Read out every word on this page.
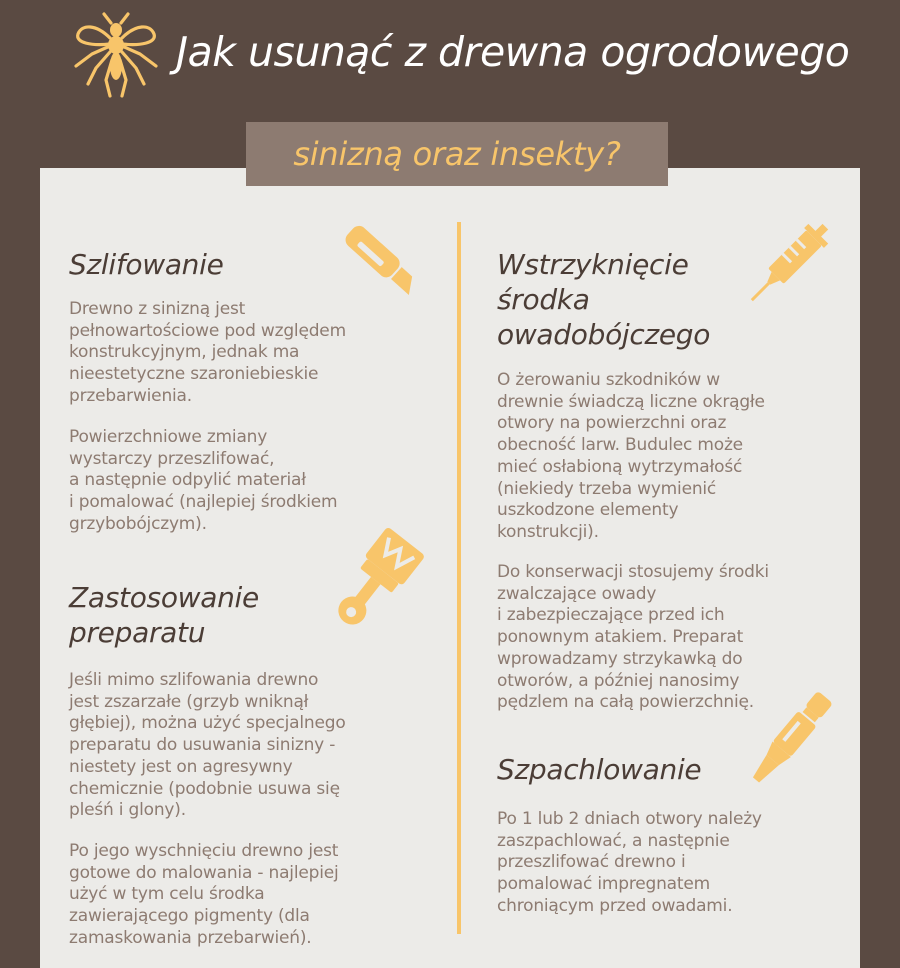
Jak usunąć z drewna ogrodowego
sinizną oraz insekty?
Szlifowanie
Drewno z sinizną jest
pełnowartościowe pod względem
konstrukcyjnym, jednak ma
nieestetyczne szaroniebieskie
przebarwienia.
Powierzchniowe zmiany
wystarczy przeszlifować,
a następnie odpylić materiał
i pomalować (najlepiej środkiem
grzybobójczym).
Zastosowanie
preparatu
Jeśli mimo szlifowania drewno
jest zszarzałe (grzyb wniknął
głębiej), można użyć specjalnego
preparatu do usuwania sinizny -
niestety jest on agresywny
chemicznie (podobnie usuwa się
pleśń i glony).
Po jego wyschnięciu drewno jest
gotowe do malowania - najlepiej
użyć w tym celu środka
zawierającego pigmenty (dla
zamaskowania przebarwień).
Wstrzyknięcie
środka
owadobójczego
O żerowaniu szkodników w
drewnie świadczą liczne okrągłe
otwory na powierzchni oraz
obecność larw. Budulec może
mieć osłabioną wytrzymałość
(niekiedy trzeba wymienić
uszkodzone elementy
konstrukcji).
Do konserwacji stosujemy środki
zwalczające owady
i zabezpieczające przed ich
ponownym atakiem. Preparat
wprowadzamy strzykawką do
otworów, a później nanosimy
pędzlem na całą powierzchnię.
Szpachlowanie
Po 1 lub 2 dniach otwory należy
zaszpachlować, a następnie
przeszlifować drewno i
pomalować impregnatem
chroniącym przed owadami.
